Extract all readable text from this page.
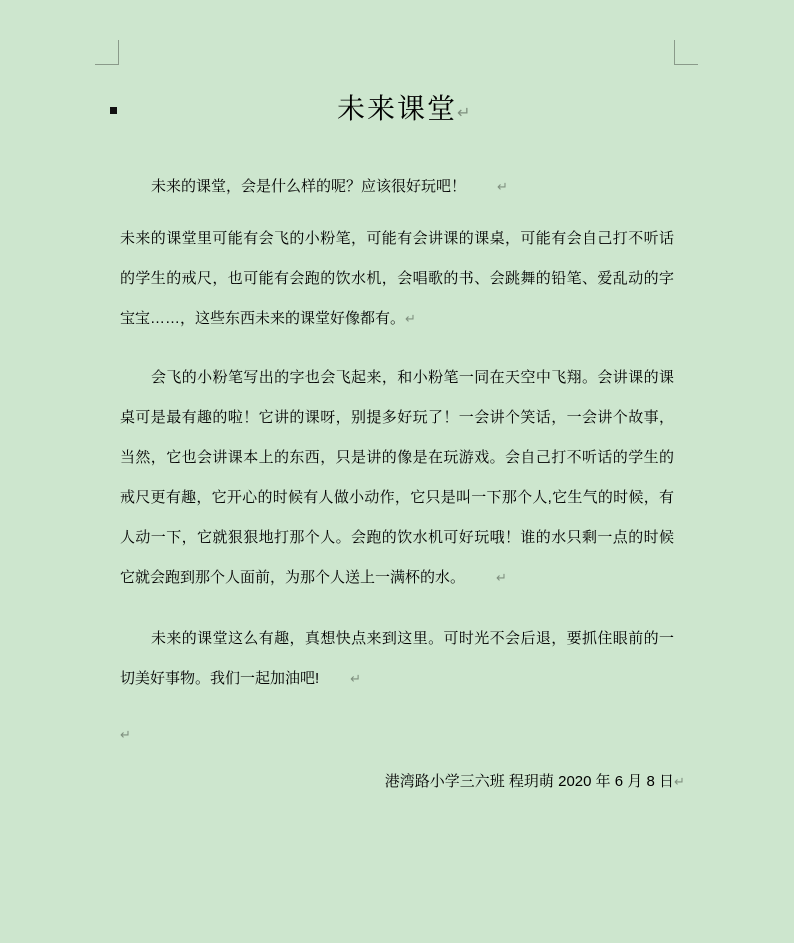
未来课堂↵

未来的课堂，会是什么样的呢？应该很好玩吧！ ↵

未来的课堂里可能有会飞的小粉笔，可能有会讲课的课桌，可能有会自己打不听话的学生的戒尺，也可能有会跑的饮水机，会唱歌的书、会跳舞的铅笔、爱乱动的字宝宝……，这些东西未来的课堂好像都有。↵

会飞的小粉笔写出的字也会飞起来，和小粉笔一同在天空中飞翔。会讲课的课桌可是最有趣的啦！它讲的课呀，别提多好玩了！一会讲个笑话，一会讲个故事，当然，它也会讲课本上的东西，只是讲的像是在玩游戏。会自己打不听话的学生的戒尺更有趣，它开心的时候有人做小动作，它只是叫一下那个人,它生气的时候，有人动一下，它就狠狠地打那个人。会跑的饮水机可好玩哦！谁的水只剩一点的时候它就会跑到那个人面前，为那个人送上一满杯的水。 ↵

未来的课堂这么有趣，真想快点来到这里。可时光不会后退，要抓住眼前的一切美好事物。我们一起加油吧! ↵

↵

港湾路小学三六班 程玥萌 2020 年 6 月 8 日↵
